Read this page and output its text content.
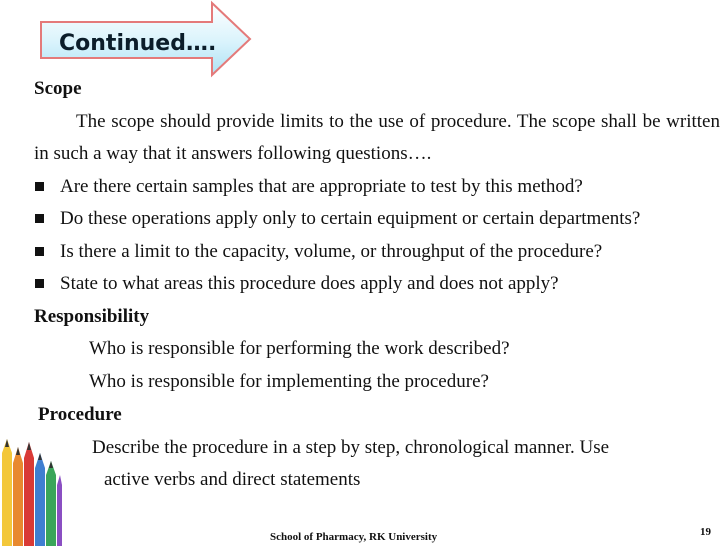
Continued….
Scope
The scope should provide limits to the use of procedure. The scope shall be written in such a way that it answers following questions….
Are there certain samples that are appropriate to test by this method?
Do these operations apply only to certain equipment or certain departments?
Is there a limit to the capacity, volume, or throughput of the procedure?
State to what areas this procedure does apply and does not apply?
Responsibility
Who is responsible for performing the work described?
Who is responsible for implementing the procedure?
Procedure
Describe the procedure in a step by step, chronological manner. Use
active verbs and direct statements
School of Pharmacy, RK University	19
